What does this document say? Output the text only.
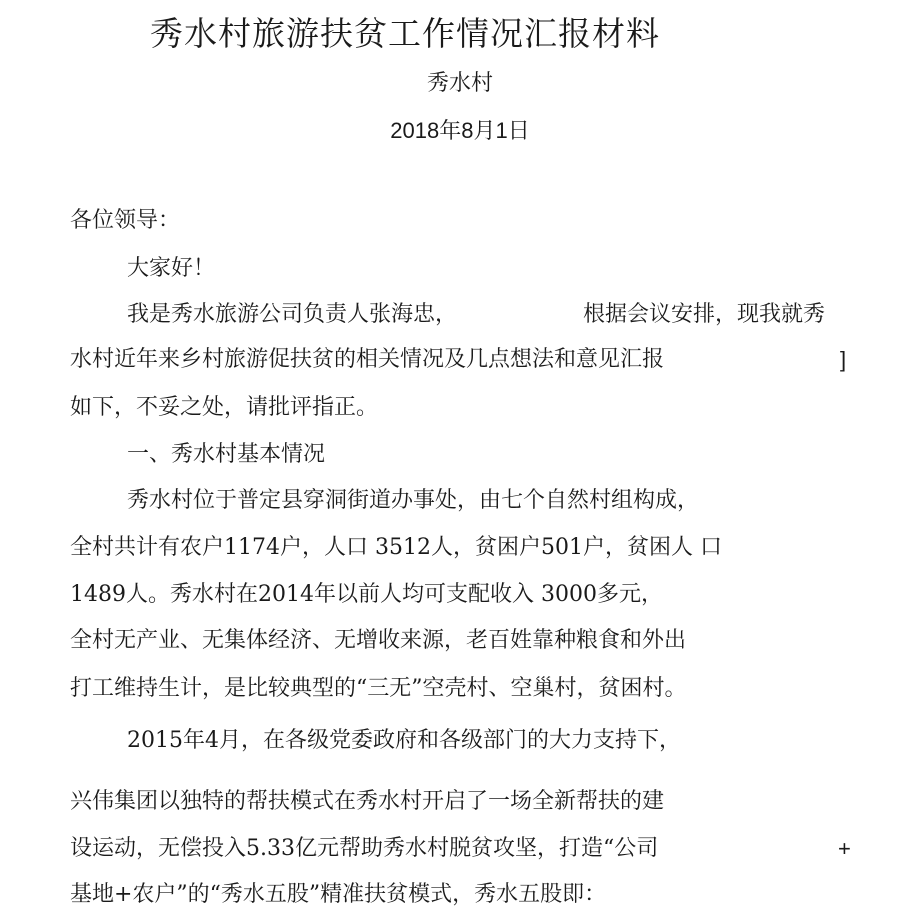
秀水村旅游扶贫工作情况汇报材料
秀水村
2018年8月1日
各位领导：
大家好！
我是秀水旅游公司负责人张海忠，	根据会议安排，现我就秀
水村近年来乡村旅游促扶贫的相关情况及几点想法和意见汇报	]
如下，不妥之处，请批评指正。
一、秀水村基本情况
秀水村位于普定县穿洞街道办事处，由七个自然村组构成，
全村共计有农户1174户，人口 3512人，贫困户501户，贫困人 口
1489人。秀水村在2014年以前人均可支配收入 3000多元，
全村无产业、无集体经济、无增收来源，老百姓靠种粮食和外出
打工维持生计，是比较典型的“三无”空壳村、空巢村，贫困村。
2015年4月，在各级党委政府和各级部门的大力支持下，
兴伟集团以独特的帮扶模式在秀水村开启了一场全新帮扶的建
设运动，无偿投入5.33亿元帮助秀水村脱贫攻坚，打造“公司	+
基地+农户”的“秀水五股”精准扶贫模式，秀水五股即：
